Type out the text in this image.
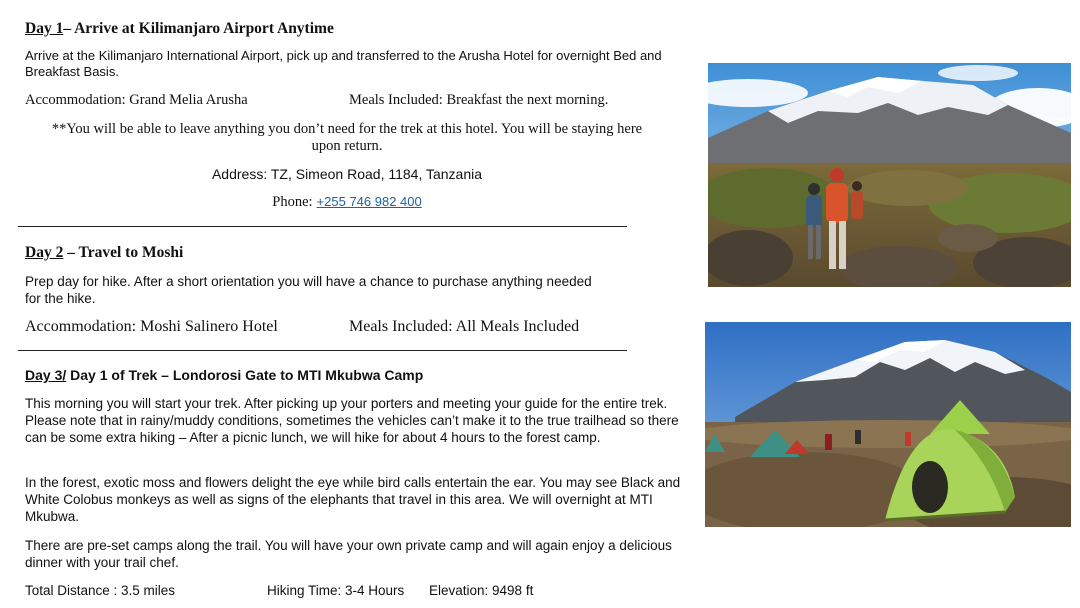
Day 1– Arrive at Kilimanjaro Airport Anytime
Arrive at the Kilimanjaro International Airport, pick up and transferred to the Arusha Hotel for overnight Bed and Breakfast Basis.
Accommodation: Grand Melia Arusha	Meals Included: Breakfast the next morning.
**You will be able to leave anything you don’t need for the trek at this hotel. You will be staying here
upon return.
Address: TZ, Simeon Road, 1184, Tanzania
Phone: +255 746 982 400
Day 2 – Travel to Moshi
Prep day for hike. After a short orientation you will have a chance to purchase anything needed for the hike.
Accommodation: Moshi Salinero Hotel	Meals Included: All Meals Included
Day 3/ Day 1 of Trek – Londorosi Gate to MTI Mkubwa Camp
This morning you will start your trek. After picking up your porters and meeting your guide for the entire trek. Please note that in rainy/muddy conditions, sometimes the vehicles can’t make it to the true trailhead so there can be some extra hiking – After a picnic lunch, we will hike for about 4 hours to the forest camp.
In the forest, exotic moss and flowers delight the eye while bird calls entertain the ear. You may see Black and White Colobus monkeys as well as signs of the elephants that travel in this area. We will overnight at MTI Mkubwa.
There are pre-set camps along the trail. You will have your own private camp and will again enjoy a delicious dinner with your trail chef.
Total Distance : 3.5 miles	Hiking Time: 3-4 Hours Elevation: 9498 ft
